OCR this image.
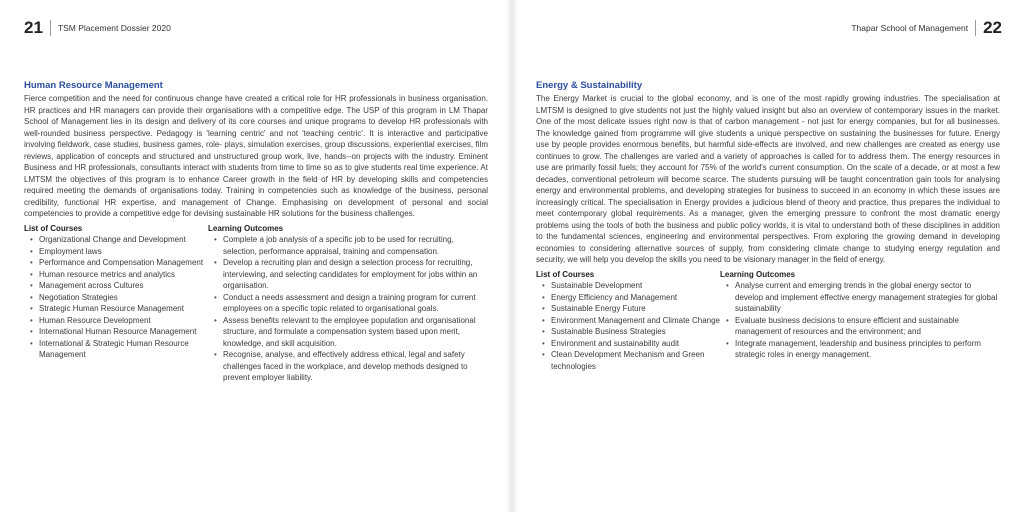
21 TSM Placement Dossier 2020	Thapar School of Management 22
Human Resource Management

Fierce competition and the need for continuous change have created a critical role for HR professionals in business organisation. HR practices and HR managers can provide their organisations with a competitive edge. The USP of this program in LM Thapar School of Management lies in its design and delivery of its core courses and unique programs to develop HR professionals with well-rounded business perspective. Pedagogy is 'learning centric' and not 'teaching centric'. It is interactive and participative involving fieldwork, case studies, business games, role- plays, simulation exercises, group discussions, experiential exercises, film reviews, application of concepts and structured and unstructured group work, live, hands--on projects with the industry. Eminent Business and HR professionals, consultants interact with students from time to time so as to give students real time experience. At LMTSM the objectives of this program is to enhance Career growth in the field of HR by developing skills and competencies required meeting the demands of organisations today. Training in competencies such as knowledge of the business, personal credibility, functional HR expertise, and management of Change. Emphasising on development of personal and social competencies to provide a competitive edge for devising sustainable HR solutions for the business challenges.

List of Courses
• Organizational Change and Development
• Employment laws
• Performance and Compensation Management
• Human resource metrics and analytics
• Management across Cultures
• Negotiation Strategies
• Strategic Human Resource Management
• Human Resource Development
• International Human Resource Management
• International & Strategic Human Resource Management
Learning Outcomes
• Complete a job analysis of a specific job to be used for recruiting, selection, performance appraisal, training and compensation.
• Develop a recruiting plan and design a selection process for recruiting, interviewing, and selecting candidates for employment for jobs within an organisation.
• Conduct a needs assessment and design a training program for current employees on a specific topic related to organisational goals.
• Assess benefits relevant to the employee population and organisational structure, and formulate a compensation system based upon merit, knowledge, and skill acquisition.
• Recognise, analyse, and effectively address ethical, legal and safety challenges faced in the workplace, and develop methods designed to prevent employer liability.
Energy & Sustainability

The Energy Market is crucial to the global economy, and is one of the most rapidly growing industries. The specialisation at LMTSM is designed to give students not just the highly valued insight but also an overview of contemporary issues in the market. One of the most delicate issues right now is that of carbon management - not just for energy companies, but for all businesses. The knowledge gained from programme will give students a unique perspective on sustaining the businesses for future. Energy use by people provides enormous benefits, but harmful side-effects are involved, and new challenges are created as energy use continues to grow. The challenges are varied and a variety of approaches is called for to address them. The energy resources in use are primarily fossil fuels; they account for 75% of the world's current consumption. On the scale of a decade, or at most a few decades, conventional petroleum will become scarce. The students pursuing will be taught concentration gain tools for analysing energy and environmental problems, and developing strategies for business to succeed in an economy in which these issues are increasingly critical. The specialisation in Energy provides a judicious blend of theory and practice, thus prepares the individual to meet contemporary global requirements. As a manager, given the emerging pressure to confront the most dramatic energy problems using the tools of both the business and public policy worlds, it is vital to understand both of these disciplines in addition to the fundamental sciences, engineering and environmental perspectives. From exploring the growing demand in developing economies to considering alternative sources of supply, from considering climate change to studying energy regulation and security, we will help you develop the skills you need to be visionary manager in the field of energy.

List of Courses
• Sustainable Development
• Energy Efficiency and Management
• Sustainable Energy Future
• Environment Management and Climate Change
• Sustainable Business Strategies
• Environment and sustainability audit
• Clean Development Mechanism and Green technologies
Learning Outcomes
• Analyse current and emerging trends in the global energy sector to develop and implement effective energy management strategies for global sustainability
• Evaluate business decisions to ensure efficient and sustainable management of resources and the environment; and
• Integrate management, leadership and business principles to perform strategic roles in energy management.
